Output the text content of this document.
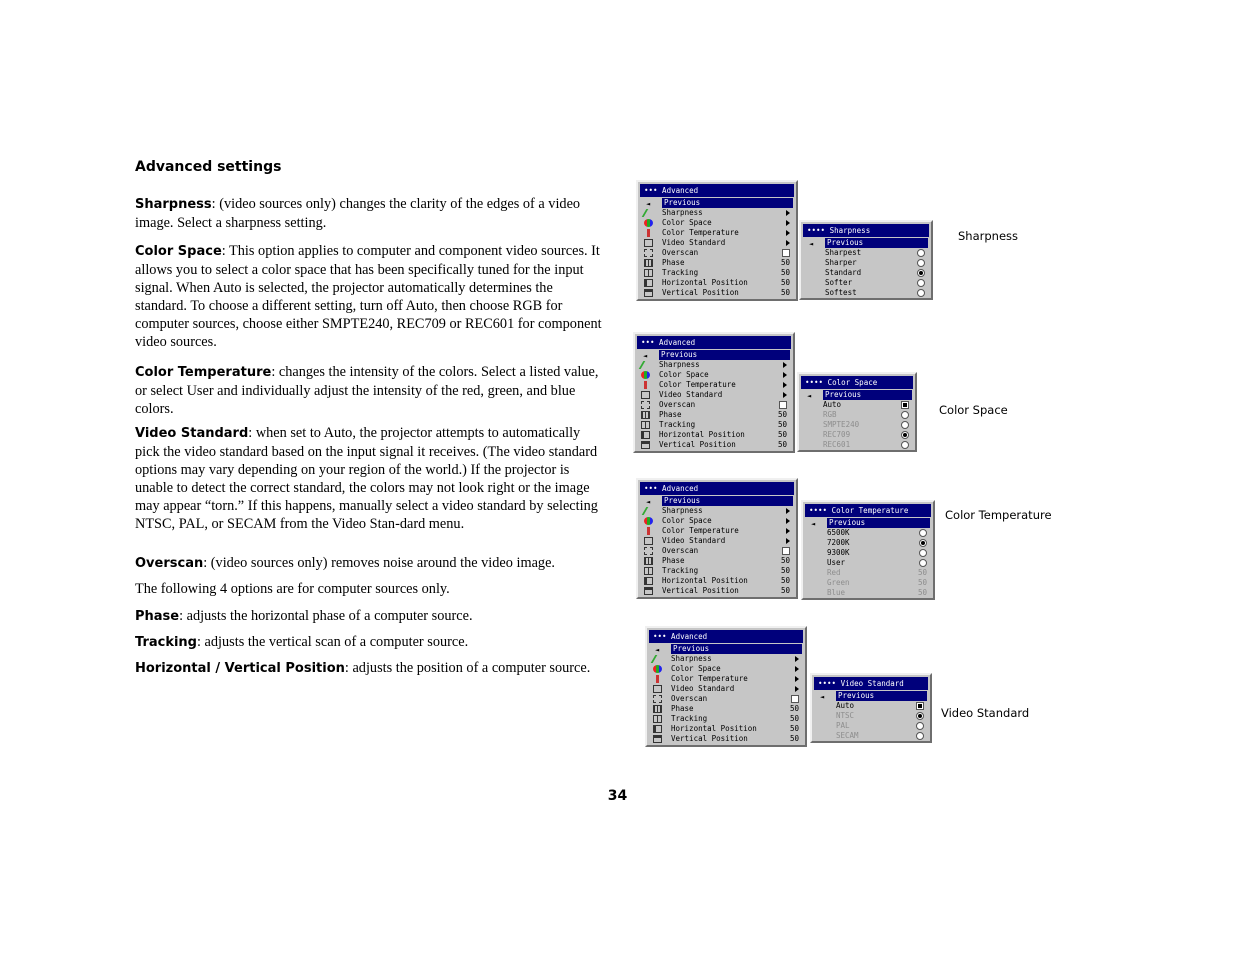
Advanced settings
Sharpness: (video sources only) changes the clarity of the edges of a video image. Select a sharpness setting.
Color Space: This option applies to computer and component video sources. It allows you to select a color space that has been specifically tuned for the input signal. When Auto is selected, the projector automatically determines the standard. To choose a different setting, turn off Auto, then choose RGB for computer sources, choose either SMPTE240, REC709 or REC601 for component video sources.
Color Temperature: changes the intensity of the colors. Select a listed value, or select User and individually adjust the intensity of the red, green, and blue colors.
Video Standard: when set to Auto, the projector attempts to automatically pick the video standard based on the input signal it receives. (The video standard options may vary depending on your region of the world.) If the projector is unable to detect the correct standard, the colors may not look right or the image may appear “torn.” If this happens, manually select a video standard by selecting NTSC, PAL, or SECAM from the Video Stan-dard menu.
Overscan: (video sources only) removes noise around the video image.
The following 4 options are for computer sources only.
Phase: adjusts the horizontal phase of a computer source.
Tracking: adjusts the vertical scan of a computer source.
Horizontal / Vertical Position: adjusts the position of a computer source.
34
••• Advanced
◄ Previous
Sharpness
Color Space
Color Temperature
Video Standard
Overscan
Phase	50
Tracking	50
Horizontal Position	50
Vertical Position	50
•••• Sharpness
◄ Previous
Sharpest
Sharper
Standard
Softer
Softest
Sharpness
••• Advanced
◄ Previous
Sharpness
Color Space
Color Temperature
Video Standard
Overscan
Phase	50
Tracking	50
Horizontal Position	50
Vertical Position	50
•••• Color Space
◄ Previous
Auto
RGB
SMPTE240
REC709
REC601
Color Space
••• Advanced
◄ Previous
Sharpness
Color Space
Color Temperature
Video Standard
Overscan
Phase	50
Tracking	50
Horizontal Position	50
Vertical Position	50
•••• Color Temperature
◄ Previous
6500K
7200K
9300K
User
Red	50
Green	50
Blue	50
Color Temperature
••• Advanced
◄ Previous
Sharpness
Color Space
Color Temperature
Video Standard
Overscan
Phase	50
Tracking	50
Horizontal Position	50
Vertical Position	50
•••• Video Standard
◄ Previous
Auto
NTSC
PAL
SECAM
Video Standard
